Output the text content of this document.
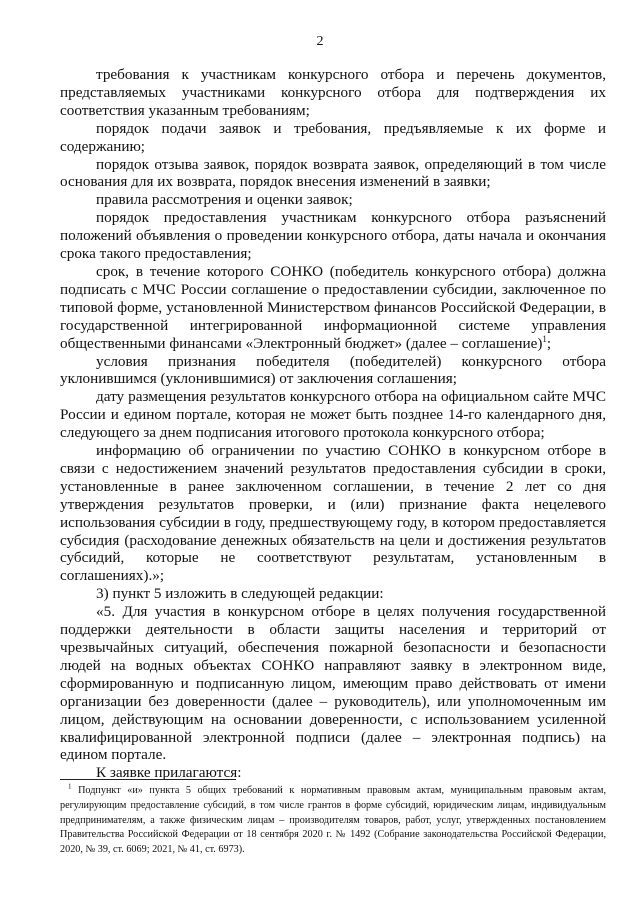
2

требования к участникам конкурсного отбора и перечень документов, представляемых участниками конкурсного отбора для подтверждения их соответствия указанным требованиям;

порядок подачи заявок и требования, предъявляемые к их форме и содержанию;

порядок отзыва заявок, порядок возврата заявок, определяющий в том числе основания для их возврата, порядок внесения изменений в заявки;

правила рассмотрения и оценки заявок;

порядок предоставления участникам конкурсного отбора разъяснений положений объявления о проведении конкурсного отбора, даты начала и окончания срока такого предоставления;

срок, в течение которого СОНКО (победитель конкурсного отбора) должна подписать с МЧС России соглашение о предоставлении субсидии, заключенное по типовой форме, установленной Министерством финансов Российской Федерации, в государственной интегрированной информационной системе управления общественными финансами «Электронный бюджет» (далее – соглашение)$^1$;

условия признания победителя (победителей) конкурсного отбора уклонившимся (уклонившимися) от заключения соглашения;

дату размещения результатов конкурсного отбора на официальном сайте МЧС России и едином портале, которая не может быть позднее 14-го календарного дня, следующего за днем подписания итогового протокола конкурсного отбора;

информацию об ограничении по участию СОНКО в конкурсном отборе в связи с недостижением значений результатов предоставления субсидии в сроки, установленные в ранее заключенном соглашении, в течение 2 лет со дня утверждения результатов проверки, и (или) признание факта нецелевого использования субсидии в году, предшествующему году, в котором предоставляется субсидия (расходование денежных обязательств на цели и достижения результатов субсидий, которые не соответствуют результатам, установленным в соглашениях).»;

3) пункт 5 изложить в следующей редакции:

«5. Для участия в конкурсном отборе в целях получения государственной поддержки деятельности в области защиты населения и территорий от чрезвычайных ситуаций, обеспечения пожарной безопасности и безопасности людей на водных объектах СОНКО направляют заявку в электронном виде, сформированную и подписанную лицом, имеющим право действовать от имени организации без доверенности (далее – руководитель), или уполномоченным им лицом, действующим на основании доверенности, с использованием усиленной квалифицированной электронной подписи (далее – электронная подпись) на едином портале.

К заявке прилагаются:

$^1$ Подпункт «и» пункта 5 общих требований к нормативным правовым актам, муниципальным правовым актам, регулирующим предоставление субсидий, в том числе грантов в форме субсидий, юридическим лицам, индивидуальным предпринимателям, а также физическим лицам – производителям товаров, работ, услуг, утвержденных постановлением Правительства Российской Федерации от 18 сентября 2020 г. № 1492 (Собрание законодательства Российской Федерации, 2020, № 39, ст. 6069; 2021, № 41, ст. 6973).
